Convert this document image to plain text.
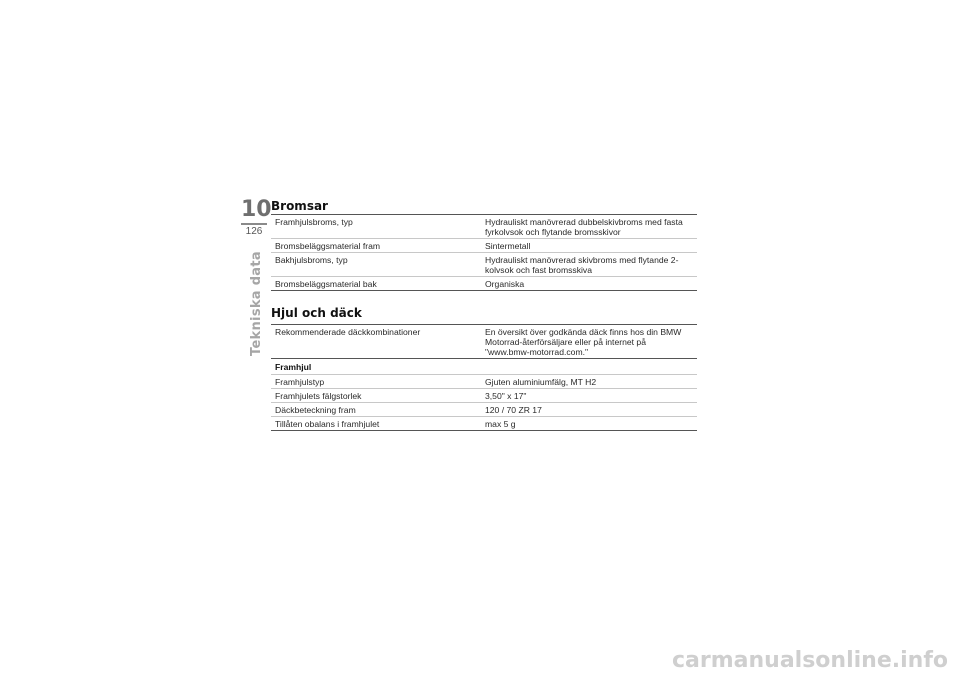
10
126
Tekniska data
Bromsar
Framhjulsbroms, typ	Hydrauliskt manövrerad dubbelskivbroms med fasta fyrkolvsok och flytande bromsskivor
Bromsbeläggsmaterial fram	Sintermetall
Bakhjulsbroms, typ	Hydrauliskt manövrerad skivbroms med flytande 2-kolvsok och fast bromsskiva
Bromsbeläggsmaterial bak	Organiska
Hjul och däck
Rekommenderade däckkombinationer	En översikt över godkända däck finns hos din BMW Motorrad-återförsäljare eller på internet på "www.bmw-motorrad.com."
Framhjul
Framhjulstyp	Gjuten aluminiumfälg, MT H2
Framhjulets fälgstorlek	3,50" x 17"
Däckbeteckning fram	120 / 70 ZR 17
Tillåten obalans i framhjulet	max 5 g
carmanualsonline.info
